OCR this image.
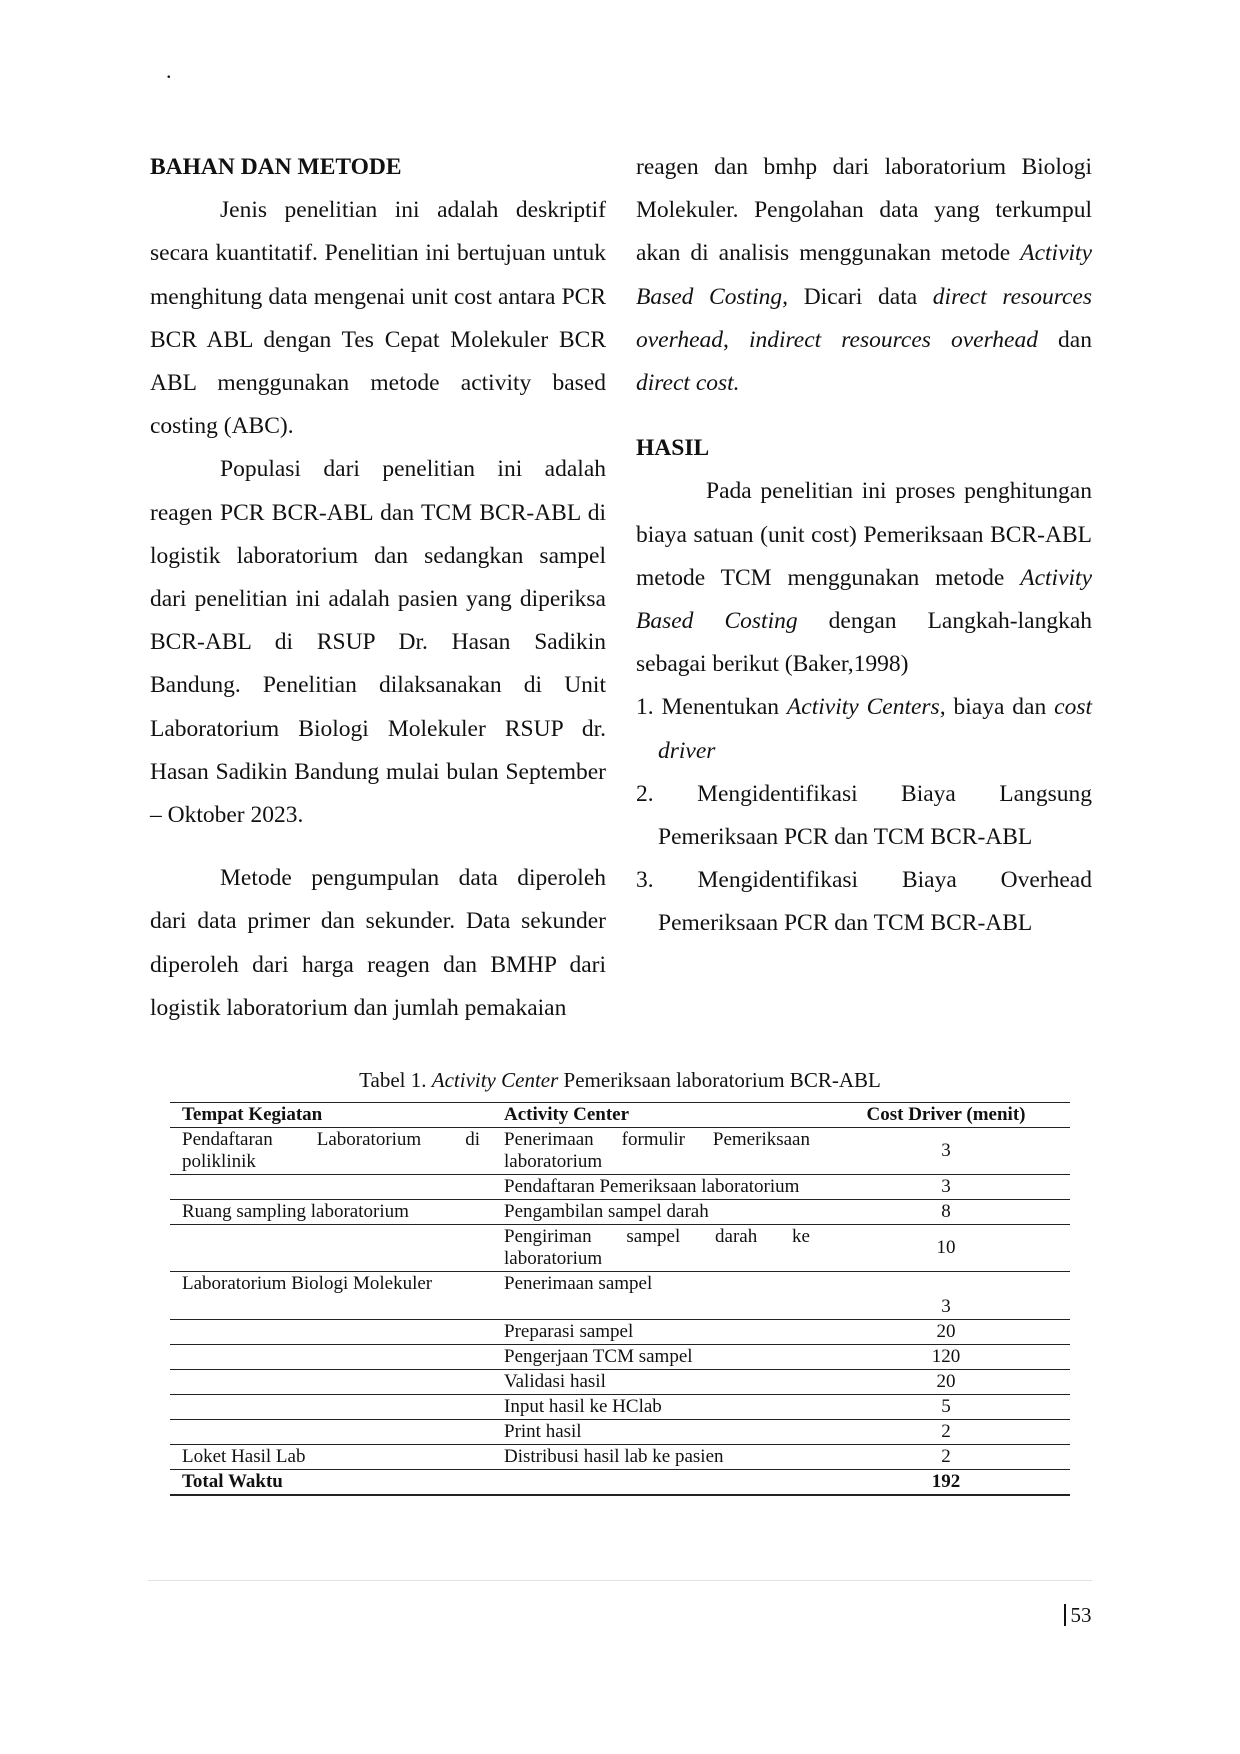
.

BAHAN DAN METODE

Jenis penelitian ini adalah deskriptif secara kuantitatif. Penelitian ini bertujuan untuk menghitung data mengenai unit cost antara PCR BCR ABL dengan Tes Cepat Molekuler BCR ABL menggunakan metode activity based costing (ABC).

Populasi dari penelitian ini adalah reagen PCR BCR-ABL dan TCM BCR-ABL di logistik laboratorium dan sedangkan sampel dari penelitian ini adalah pasien yang diperiksa BCR-ABL di RSUP Dr. Hasan Sadikin Bandung. Penelitian dilaksanakan di Unit Laboratorium Biologi Molekuler RSUP dr. Hasan Sadikin Bandung mulai bulan September – Oktober 2023.

Metode pengumpulan data diperoleh dari data primer dan sekunder. Data sekunder diperoleh dari harga reagen dan BMHP dari logistik laboratorium dan jumlah pemakaian

reagen dan bmhp dari laboratorium Biologi Molekuler. Pengolahan data yang terkumpul akan di analisis menggunakan metode Activity Based Costing, Dicari data direct resources overhead, indirect resources overhead dan direct cost.

HASIL

Pada penelitian ini proses penghitungan biaya satuan (unit cost) Pemeriksaan BCR-ABL metode TCM menggunakan metode Activity Based Costing dengan Langkah-langkah sebagai berikut (Baker,1998)

1. Menentukan Activity Centers, biaya dan cost driver
2. Mengidentifikasi Biaya Langsung Pemeriksaan PCR dan TCM BCR-ABL
3. Mengidentifikasi Biaya Overhead Pemeriksaan PCR dan TCM BCR-ABL

Tabel 1. Activity Center Pemeriksaan laboratorium BCR-ABL

Tempat Kegiatan	Activity Center	Cost Driver (menit)
Pendaftaran Laboratorium di poliklinik	Penerimaan formulir Pemeriksaan laboratorium	3
	Pendaftaran Pemeriksaan laboratorium	3
Ruang sampling laboratorium	Pengambilan sampel darah	8
	Pengiriman sampel darah ke laboratorium	10
Laboratorium Biologi Molekuler	Penerimaan sampel	3
	Preparasi sampel	20
	Pengerjaan TCM sampel	120
	Validasi hasil	20
	Input hasil ke HClab	5
	Print hasil	2
Loket Hasil Lab	Distribusi hasil lab ke pasien	2
Total Waktu		192
53
